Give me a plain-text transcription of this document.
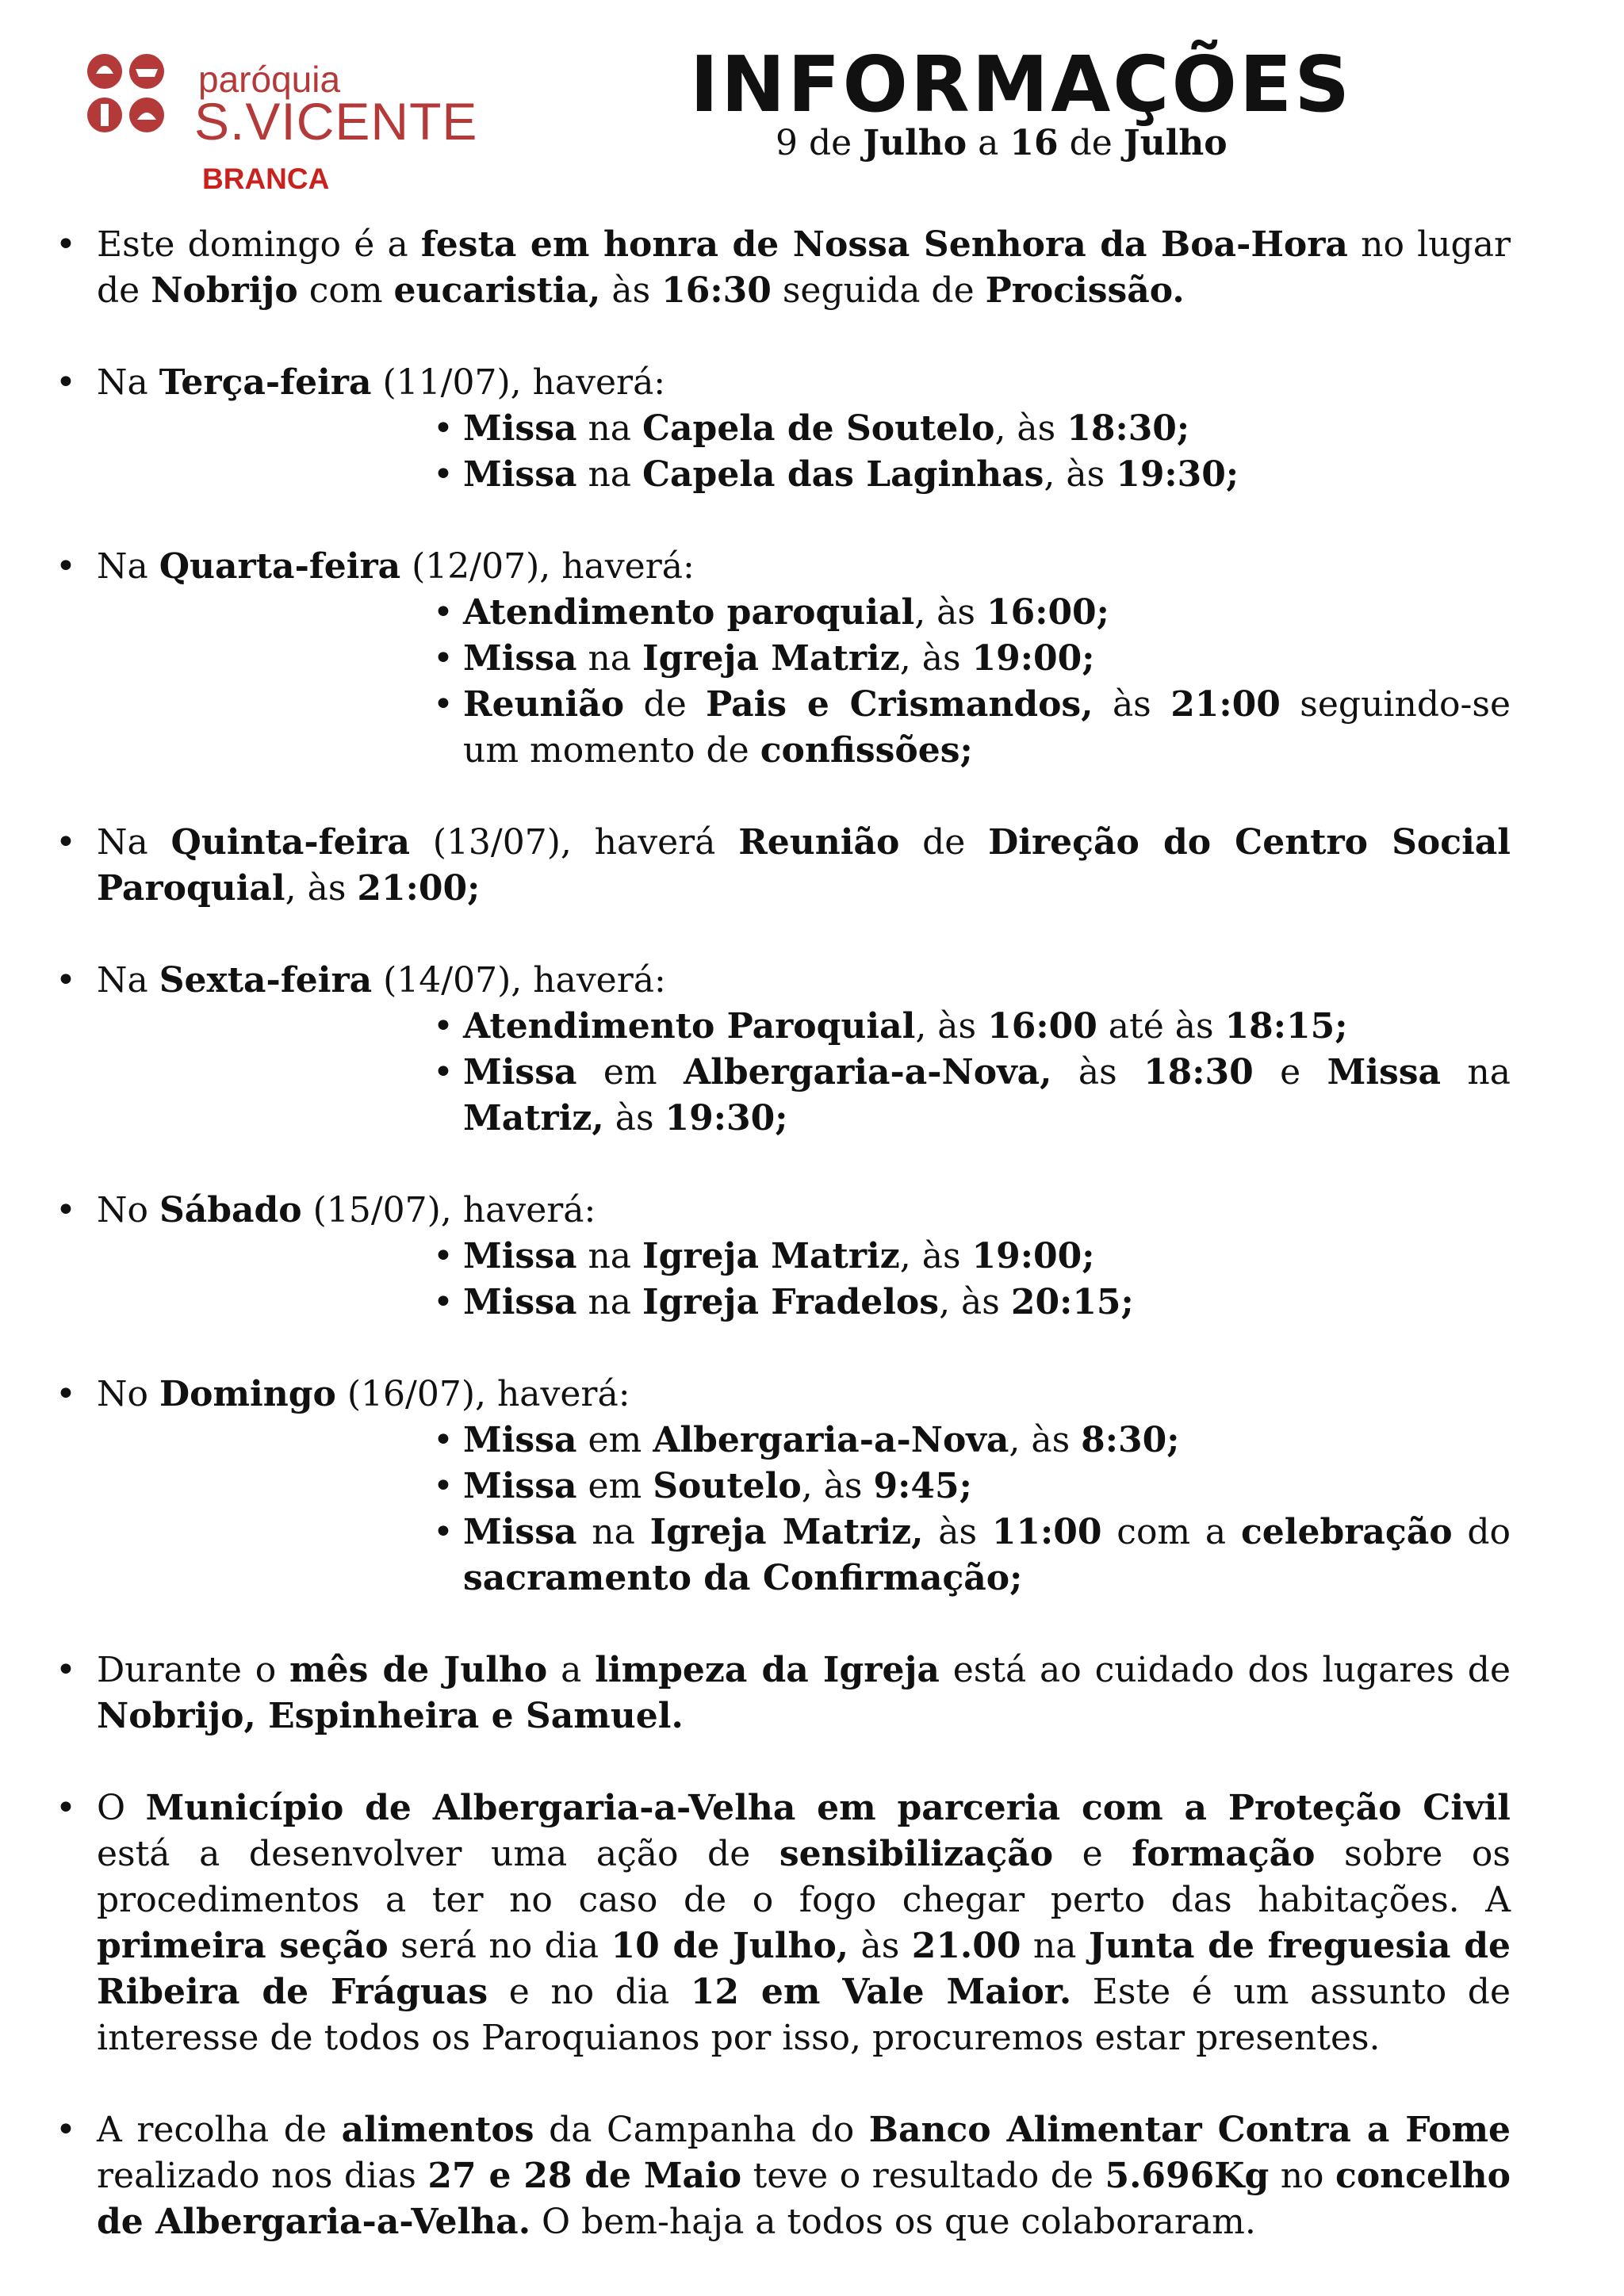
paróquia
S.VICENTE
BRANCA
INFORMAÇÕES
9 de Julho a 16 de Julho
• Este domingo é a festa em honra de Nossa Senhora da Boa-Hora no lugar de Nobrijo com eucaristia, às 16:30 seguida de Procissão.
• Na Terça-feira (11/07), haverá:
• Missa na Capela de Soutelo, às 18:30;
• Missa na Capela das Laginhas, às 19:30;
• Na Quarta-feira (12/07), haverá:
• Atendimento paroquial, às 16:00;
• Missa na Igreja Matriz, às 19:00;
• Reunião de Pais e Crismandos, às 21:00 seguindo-se um momento de confissões;
• Na Quinta-feira (13/07), haverá Reunião de Direção do Centro Social Paroquial, às 21:00;
• Na Sexta-feira (14/07), haverá:
• Atendimento Paroquial, às 16:00 até às 18:15;
• Missa em Albergaria-a-Nova, às 18:30 e Missa na Matriz, às 19:30;
• No Sábado (15/07), haverá:
• Missa na Igreja Matriz, às 19:00;
• Missa na Igreja Fradelos, às 20:15;
• No Domingo (16/07), haverá:
• Missa em Albergaria-a-Nova, às 8:30;
• Missa em Soutelo, às 9:45;
• Missa na Igreja Matriz, às 11:00 com a celebração do sacramento da Confirmação;
• Durante o mês de Julho a limpeza da Igreja está ao cuidado dos lugares de Nobrijo, Espinheira e Samuel.
• O Município de Albergaria-a-Velha em parceria com a Proteção Civil está a desenvolver uma ação de sensibilização e formação sobre os procedimentos a ter no caso de o fogo chegar perto das habitações. A primeira seção será no dia 10 de Julho, às 21.00 na Junta de freguesia de Ribeira de Fráguas e no dia 12 em Vale Maior. Este é um assunto de interesse de todos os Paroquianos por isso, procuremos estar presentes.
• A recolha de alimentos da Campanha do Banco Alimentar Contra a Fome realizado nos dias 27 e 28 de Maio teve o resultado de 5.696Kg no concelho de Albergaria-a-Velha. O bem-haja a todos os que colaboraram.
